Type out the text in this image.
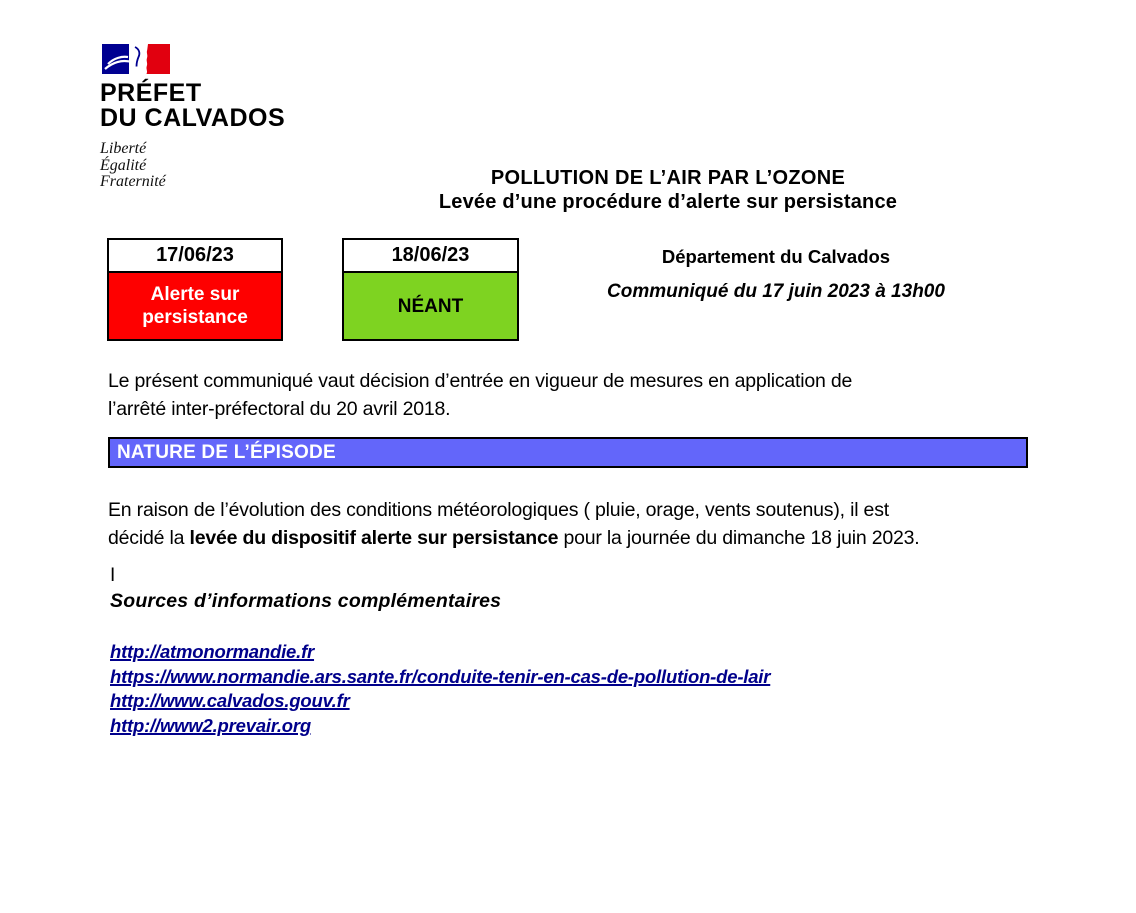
PRÉFET
DU CALVADOS
Liberté
Égalité
Fraternité	POLLUTION DE L’AIR PAR L’OZONE
Levée d’une procédure d’alerte sur persistance
17/06/23
Alerte sur persistance
18/06/23
NÉANT
Département du Calvados
Communiqué du 17 juin 2023 à 13h00
Le présent communiqué vaut décision d’entrée en vigueur de mesures en application de
l’arrêté inter-préfectoral du 20 avril 2018.
NATURE DE L’ÉPISODE
En raison de l’évolution des conditions météorologiques ( pluie, orage, vents soutenus), il est
décidé la levée du dispositif alerte sur persistance pour la journée du dimanche 18 juin 2023.
I
Sources d’informations complémentaires
http://atmonormandie.fr
https://www.normandie.ars.sante.fr/conduite-tenir-en-cas-de-pollution-de-lair
http://www.calvados.gouv.fr
http://www2.prevair.org
